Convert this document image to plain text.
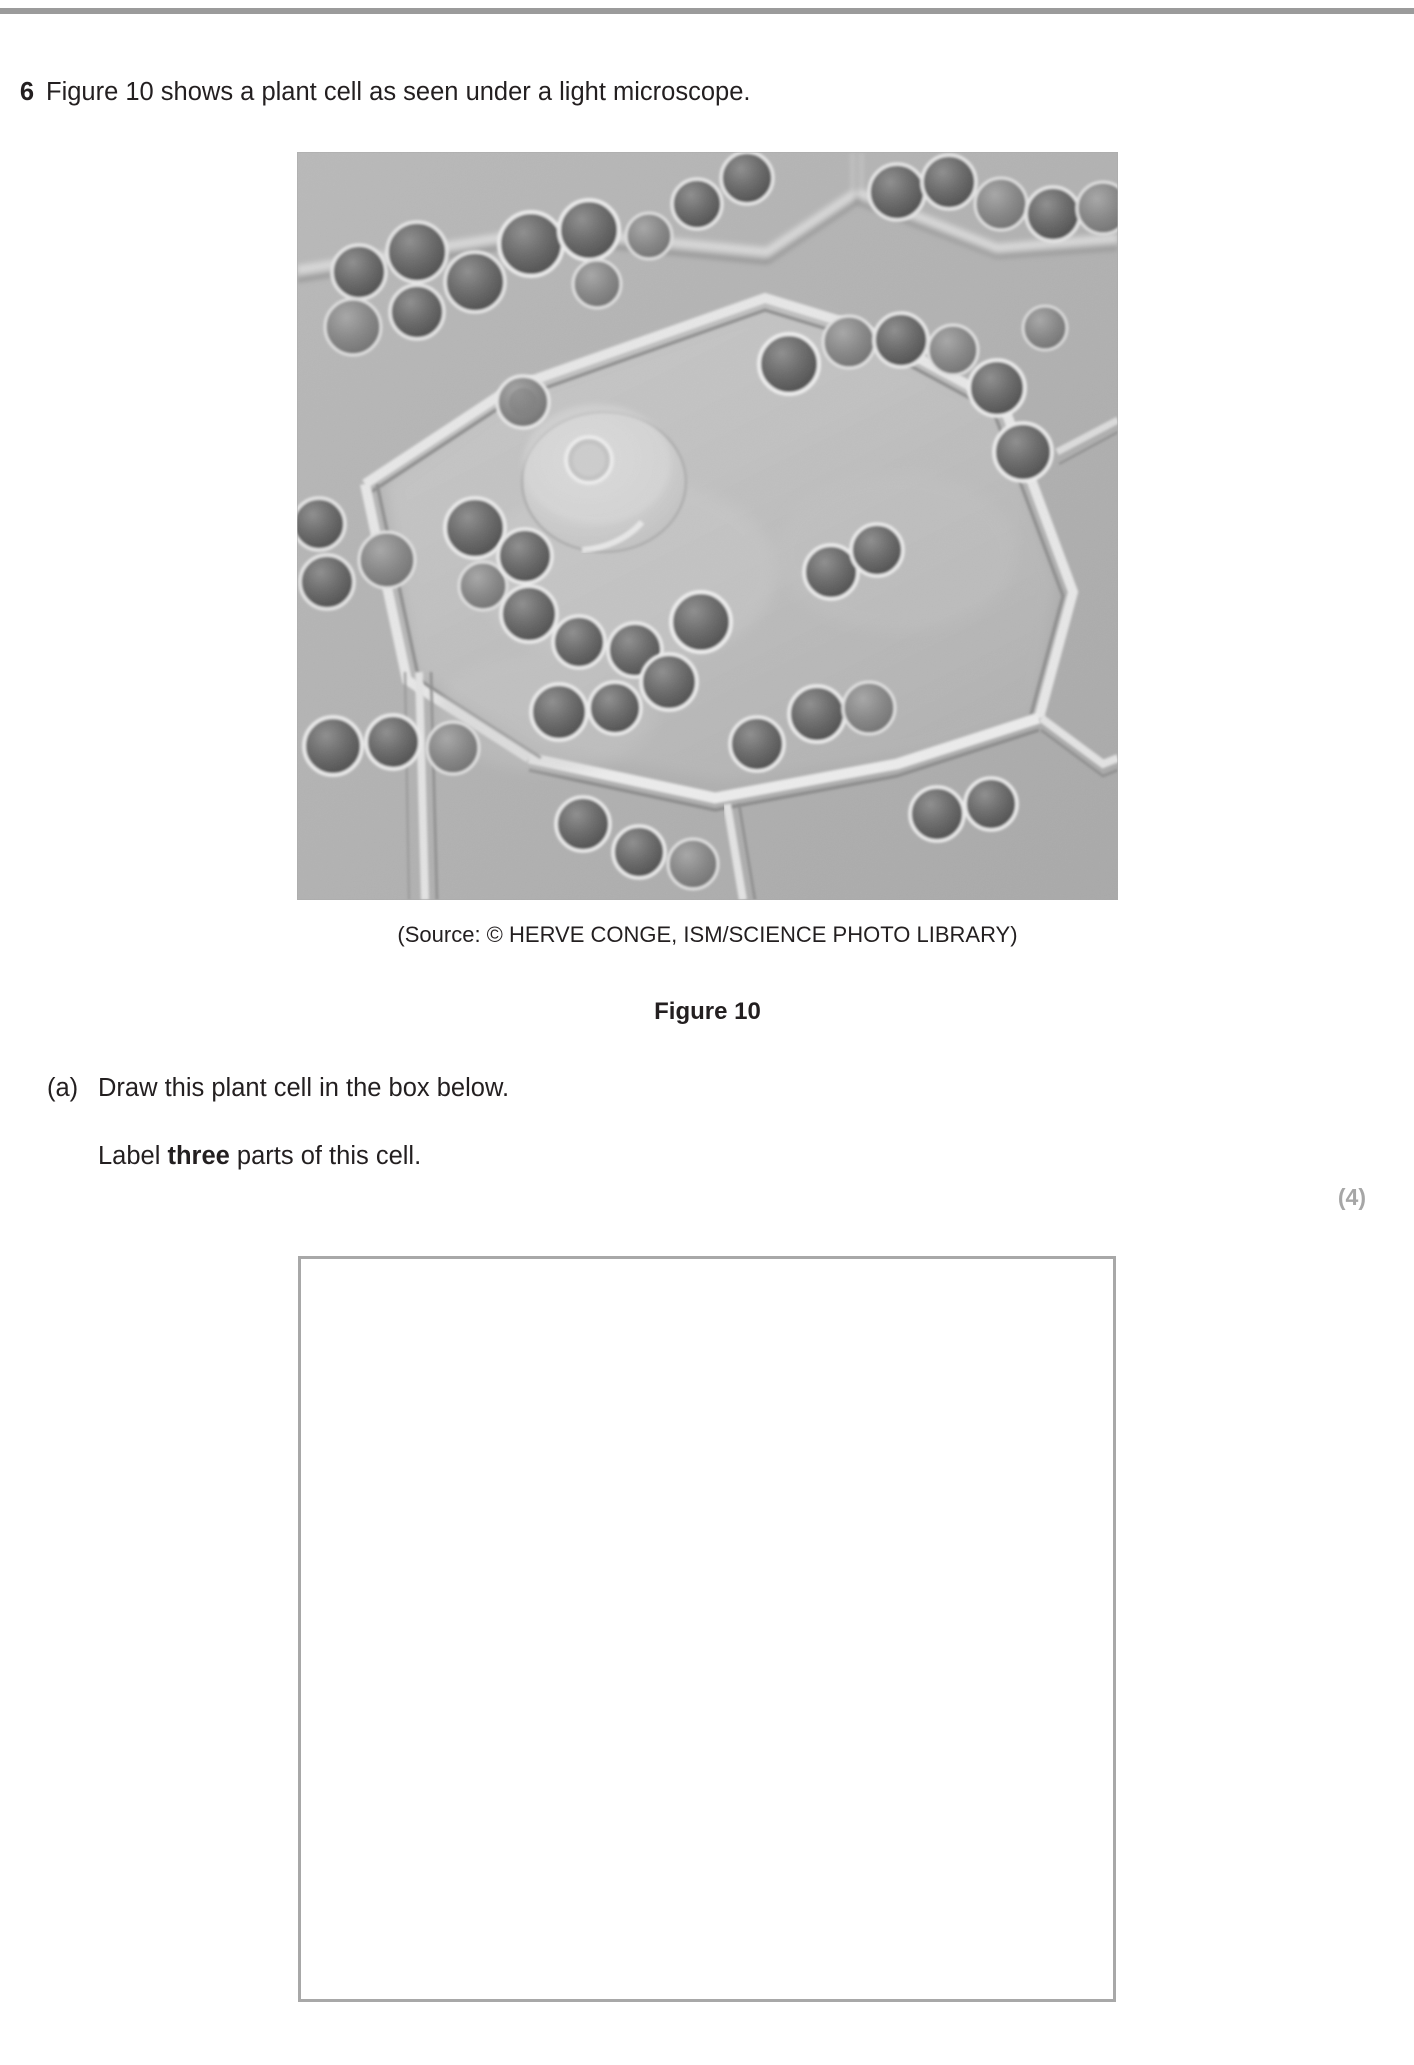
6 Figure 10 shows a plant cell as seen under a light microscope.
(Source: © HERVE CONGE, ISM/SCIENCE PHOTO LIBRARY)
Figure 10
(a) Draw this plant cell in the box below.
Label three parts of this cell.
(4)
